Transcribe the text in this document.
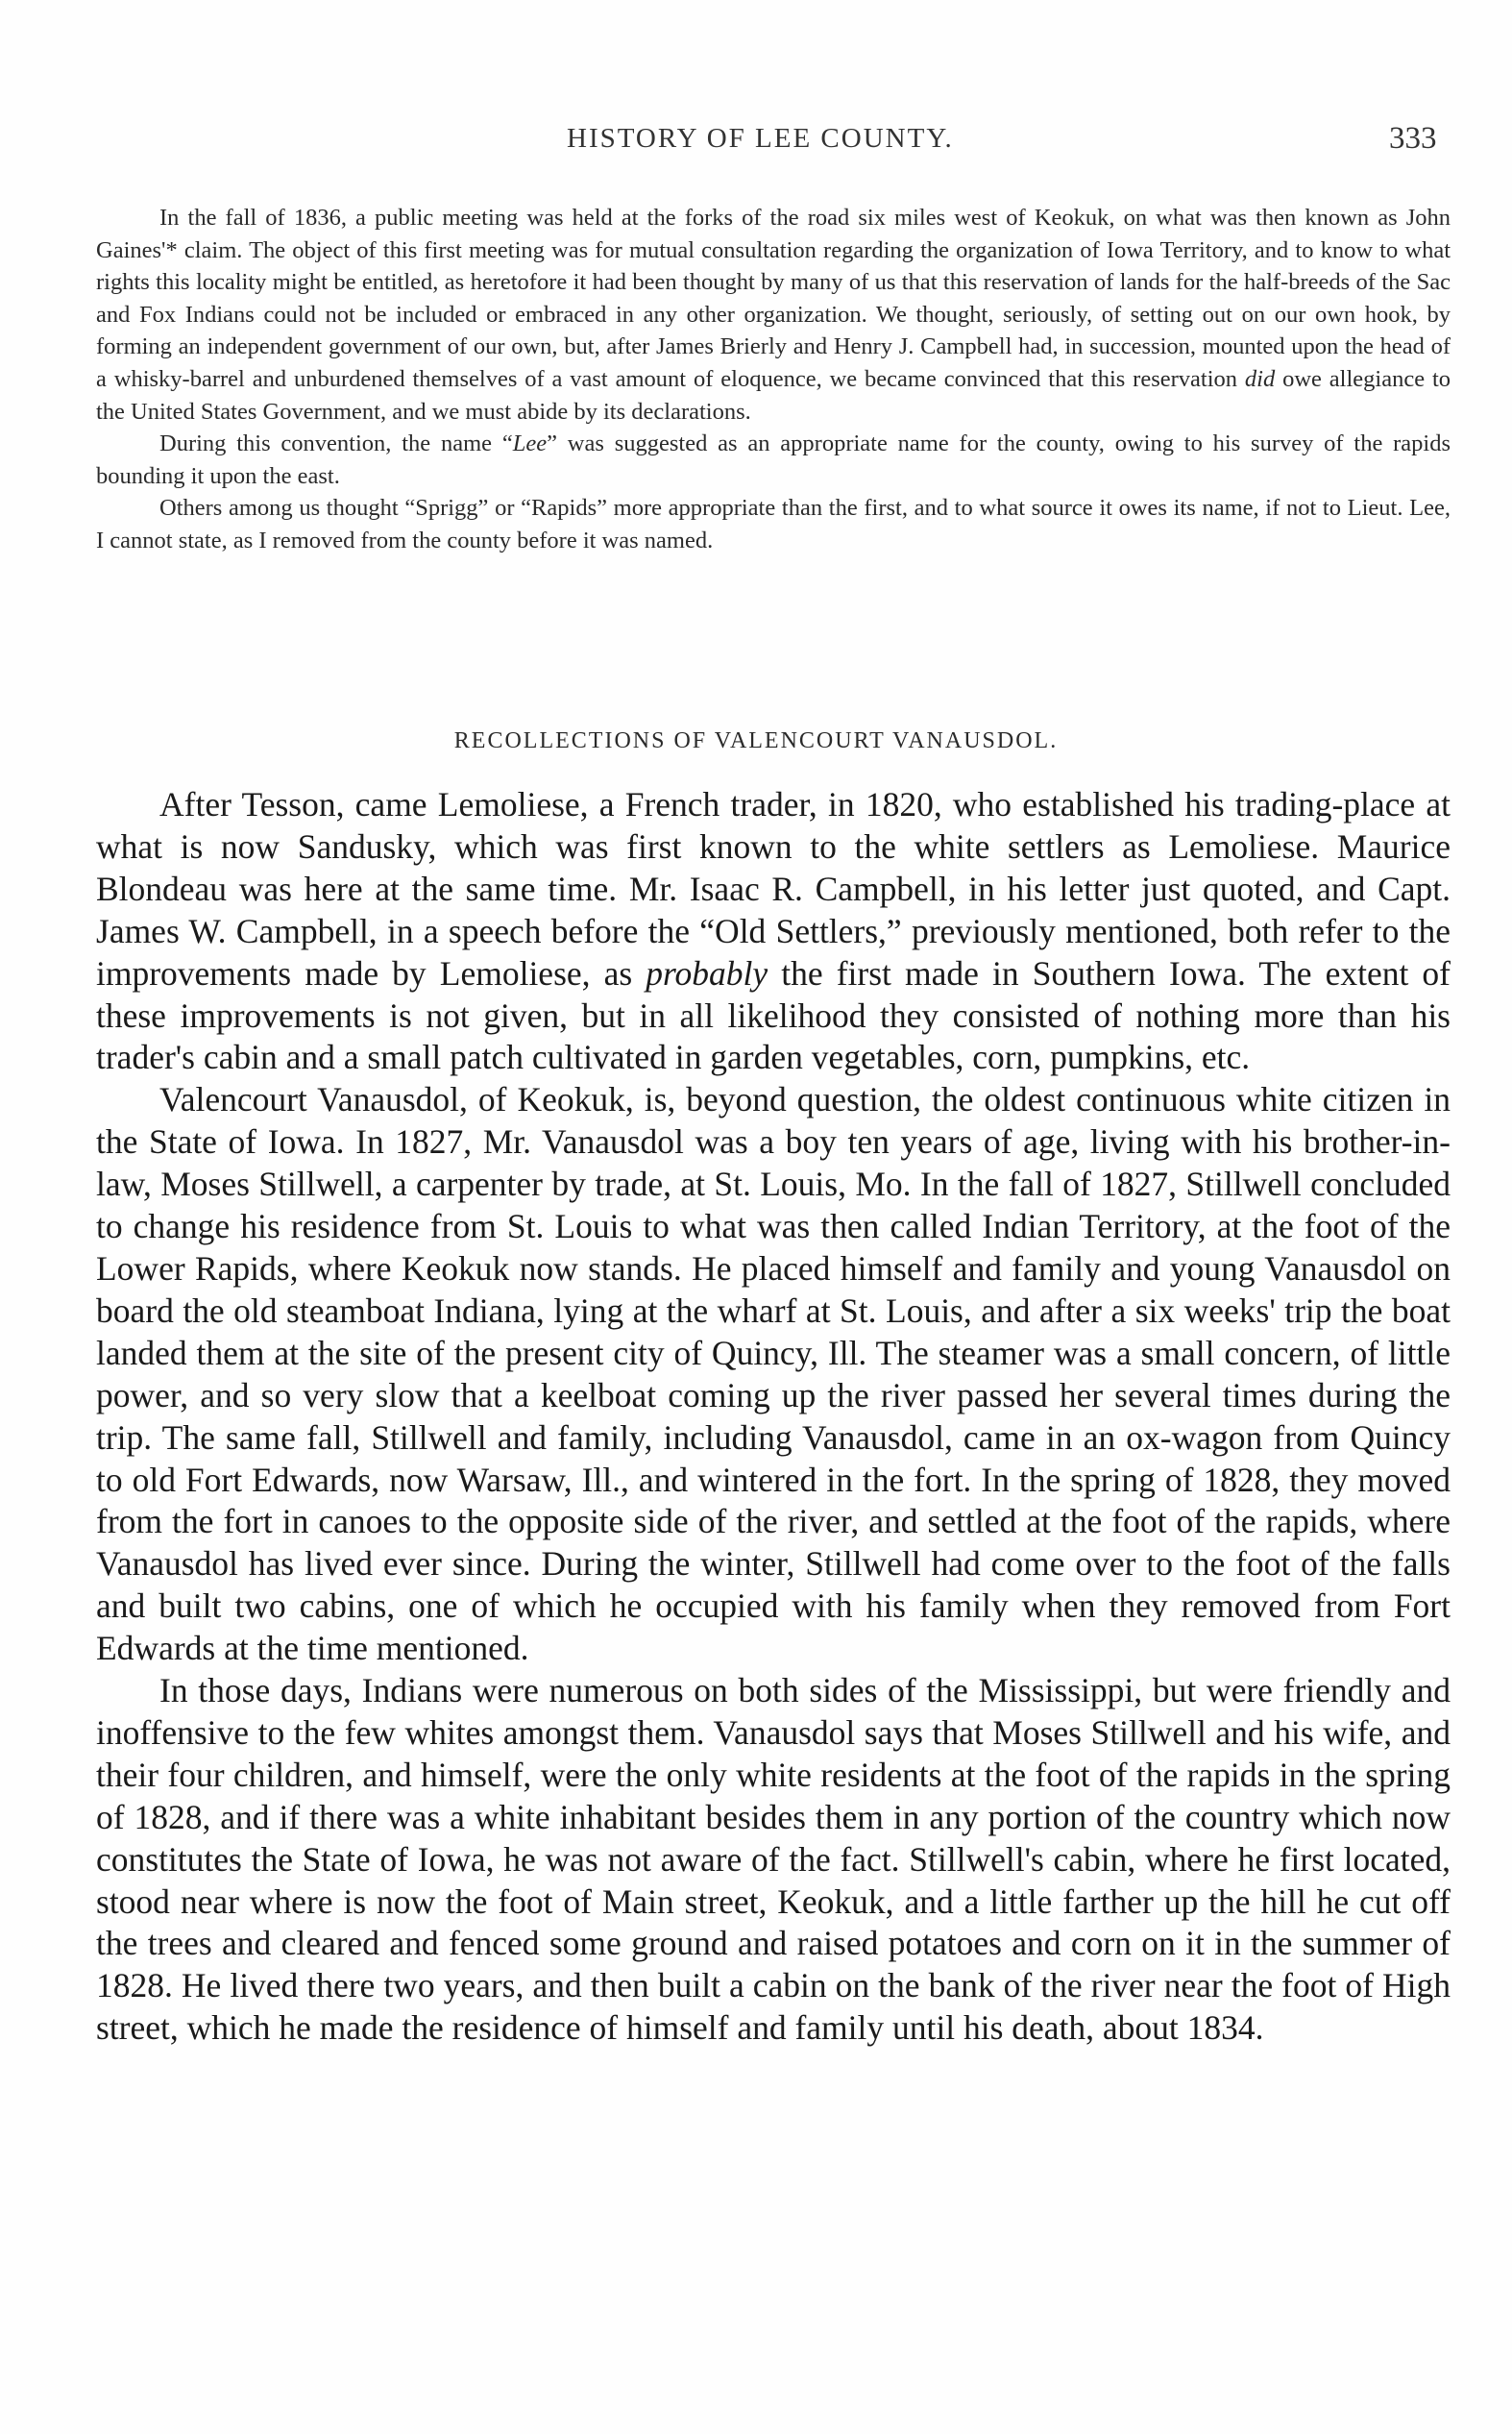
HISTORY OF LEE COUNTY.	333

In the fall of 1836, a public meeting was held at the forks of the road six miles west of Keokuk, on what was then known as John Gaines'* claim. The object of this first meeting was for mutual consultation regarding the organization of Iowa Territory, and to know to what rights this locality might be entitled, as heretofore it had been thought by many of us that this reservation of lands for the half-breeds of the Sac and Fox Indians could not be included or embraced in any other organization. We thought, seriously, of setting out on our own hook, by forming an independent government of our own, but, after James Brierly and Henry J. Campbell had, in succession, mounted upon the head of a whisky-barrel and unburdened themselves of a vast amount of eloquence, we became convinced that this reservation did owe allegiance to the United States Government, and we must abide by its declarations.

During this convention, the name “Lee” was suggested as an appropriate name for the county, owing to his survey of the rapids bounding it upon the east.

Others among us thought “Sprigg” or “Rapids” more appropriate than the first, and to what source it owes its name, if not to Lieut. Lee, I cannot state, as I removed from the county before it was named.

RECOLLECTIONS OF VALENCOURT VANAUSDOL.

After Tesson, came Lemoliese, a French trader, in 1820, who established his trading-place at what is now Sandusky, which was first known to the white settlers as Lemoliese. Maurice Blondeau was here at the same time. Mr. Isaac R. Campbell, in his letter just quoted, and Capt. James W. Campbell, in a speech before the “Old Settlers,” previously mentioned, both refer to the improvements made by Lemoliese, as probably the first made in Southern Iowa. The extent of these improvements is not given, but in all likelihood they consisted of nothing more than his trader's cabin and a small patch cultivated in garden vegetables, corn, pumpkins, etc.

Valencourt Vanausdol, of Keokuk, is, beyond question, the oldest continuous white citizen in the State of Iowa. In 1827, Mr. Vanausdol was a boy ten years of age, living with his brother-in-law, Moses Stillwell, a carpenter by trade, at St. Louis, Mo. In the fall of 1827, Stillwell concluded to change his residence from St. Louis to what was then called Indian Territory, at the foot of the Lower Rapids, where Keokuk now stands. He placed himself and family and young Vanausdol on board the old steamboat Indiana, lying at the wharf at St. Louis, and after a six weeks' trip the boat landed them at the site of the present city of Quincy, Ill. The steamer was a small concern, of little power, and so very slow that a keelboat coming up the river passed her several times during the trip. The same fall, Stillwell and family, including Vanausdol, came in an ox-wagon from Quincy to old Fort Edwards, now Warsaw, Ill., and wintered in the fort. In the spring of 1828, they moved from the fort in canoes to the opposite side of the river, and settled at the foot of the rapids, where Vanausdol has lived ever since. During the winter, Stillwell had come over to the foot of the falls and built two cabins, one of which he occupied with his family when they removed from Fort Edwards at the time mentioned.

In those days, Indians were numerous on both sides of the Mississippi, but were friendly and inoffensive to the few whites amongst them. Vanausdol says that Moses Stillwell and his wife, and their four children, and himself, were the only white residents at the foot of the rapids in the spring of 1828, and if there was a white inhabitant besides them in any portion of the country which now constitutes the State of Iowa, he was not aware of the fact. Stillwell's cabin, where he first located, stood near where is now the foot of Main street, Keokuk, and a little farther up the hill he cut off the trees and cleared and fenced some ground and raised potatoes and corn on it in the summer of 1828. He lived there two years, and then built a cabin on the bank of the river near the foot of High street, which he made the residence of himself and family until his death, about 1834.
